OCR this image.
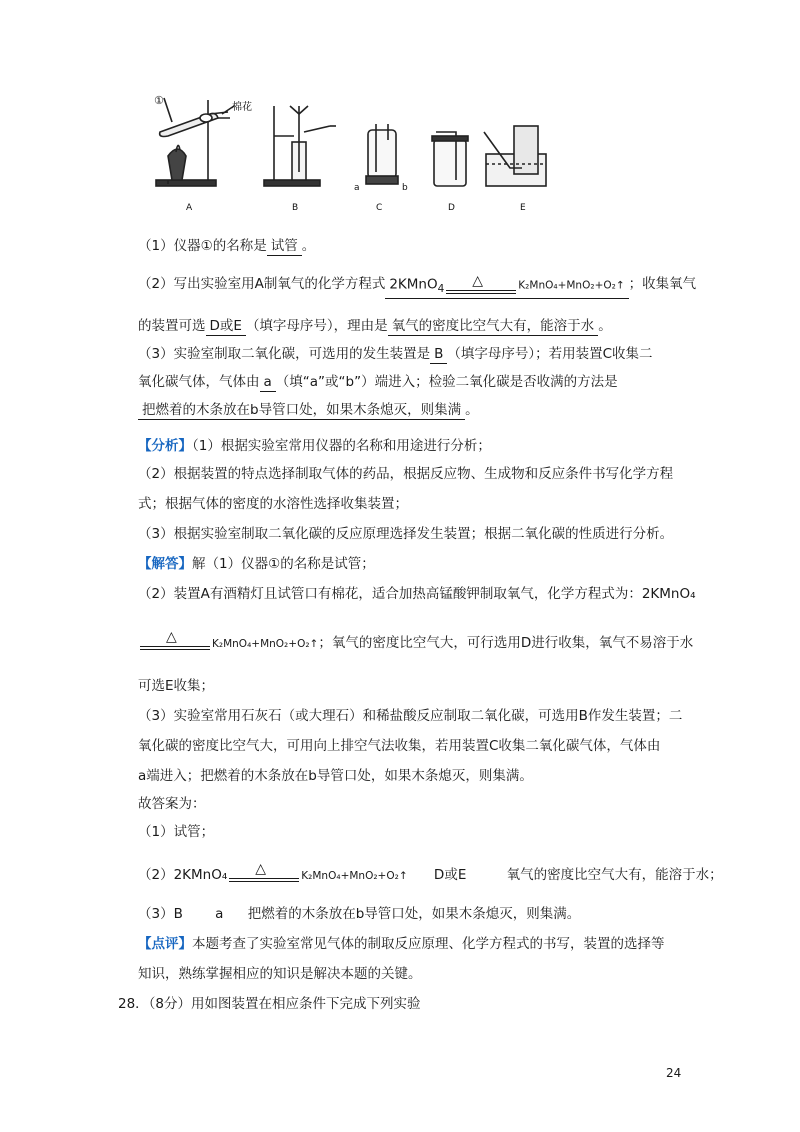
①
棉花
A	B
a	b
C	D	E
（1）仪器①的名称是 试管 。
（2）写出实验室用A制氧气的化学方程式 2KMnO$_4$ △	K₂MnO₄+MnO₂+O₂↑ ；收集氧气
的装置可选 D或E （填字母序号），理由是 氧气的密度比空气大有，能溶于水 。
（3）实验室制取二氧化碳，可选用的发生装置是 B （填字母序号）；若用装置C收集二
氧化碳气体，气体由 a （填“a”或“b”）端进入；检验二氧化碳是否收满的方法是
把燃着的木条放在b导管口处，如果木条熄灭，则集满 。
【分析】（1）根据实验室常用仪器的名称和用途进行分析；
（2）根据装置的特点选择制取气体的药品，根据反应物、生成物和反应条件书写化学方程
式；根据气体的密度的水溶性选择收集装置；
（3）根据实验室制取二氧化碳的反应原理选择发生装置；根据二氧化碳的性质进行分析。
【解答】解（1）仪器①的名称是试管；
（2）装置A有酒精灯且试管口有棉花，适合加热高锰酸钾制取氧气，化学方程式为：2KMnO₄
△	K₂MnO₄+MnO₂+O₂↑；氧气的密度比空气大，可行选用D进行收集，氧气不易溶于水
可选E收集；
（3）实验室常用石灰石（或大理石）和稀盐酸反应制取二氧化碳，可选用B作发生装置；二
氧化碳的密度比空气大，可用向上排空气法收集，若用装置C收集二氧化碳气体，气体由
a端进入；把燃着的木条放在b导管口处，如果木条熄灭，则集满。
故答案为：
（1）试管；
（2）2KMnO₄ △	K₂MnO₄+MnO₂+O₂↑ D或E	氧气的密度比空气大有，能溶于水；
（3）B a 把燃着的木条放在b导管口处，如果木条熄灭，则集满。
【点评】本题考查了实验室常见气体的制取反应原理、化学方程式的书写，装置的选择等
知识，熟练掌握相应的知识是解决本题的关键。
28．（8分）用如图装置在相应条件下完成下列实验
24
